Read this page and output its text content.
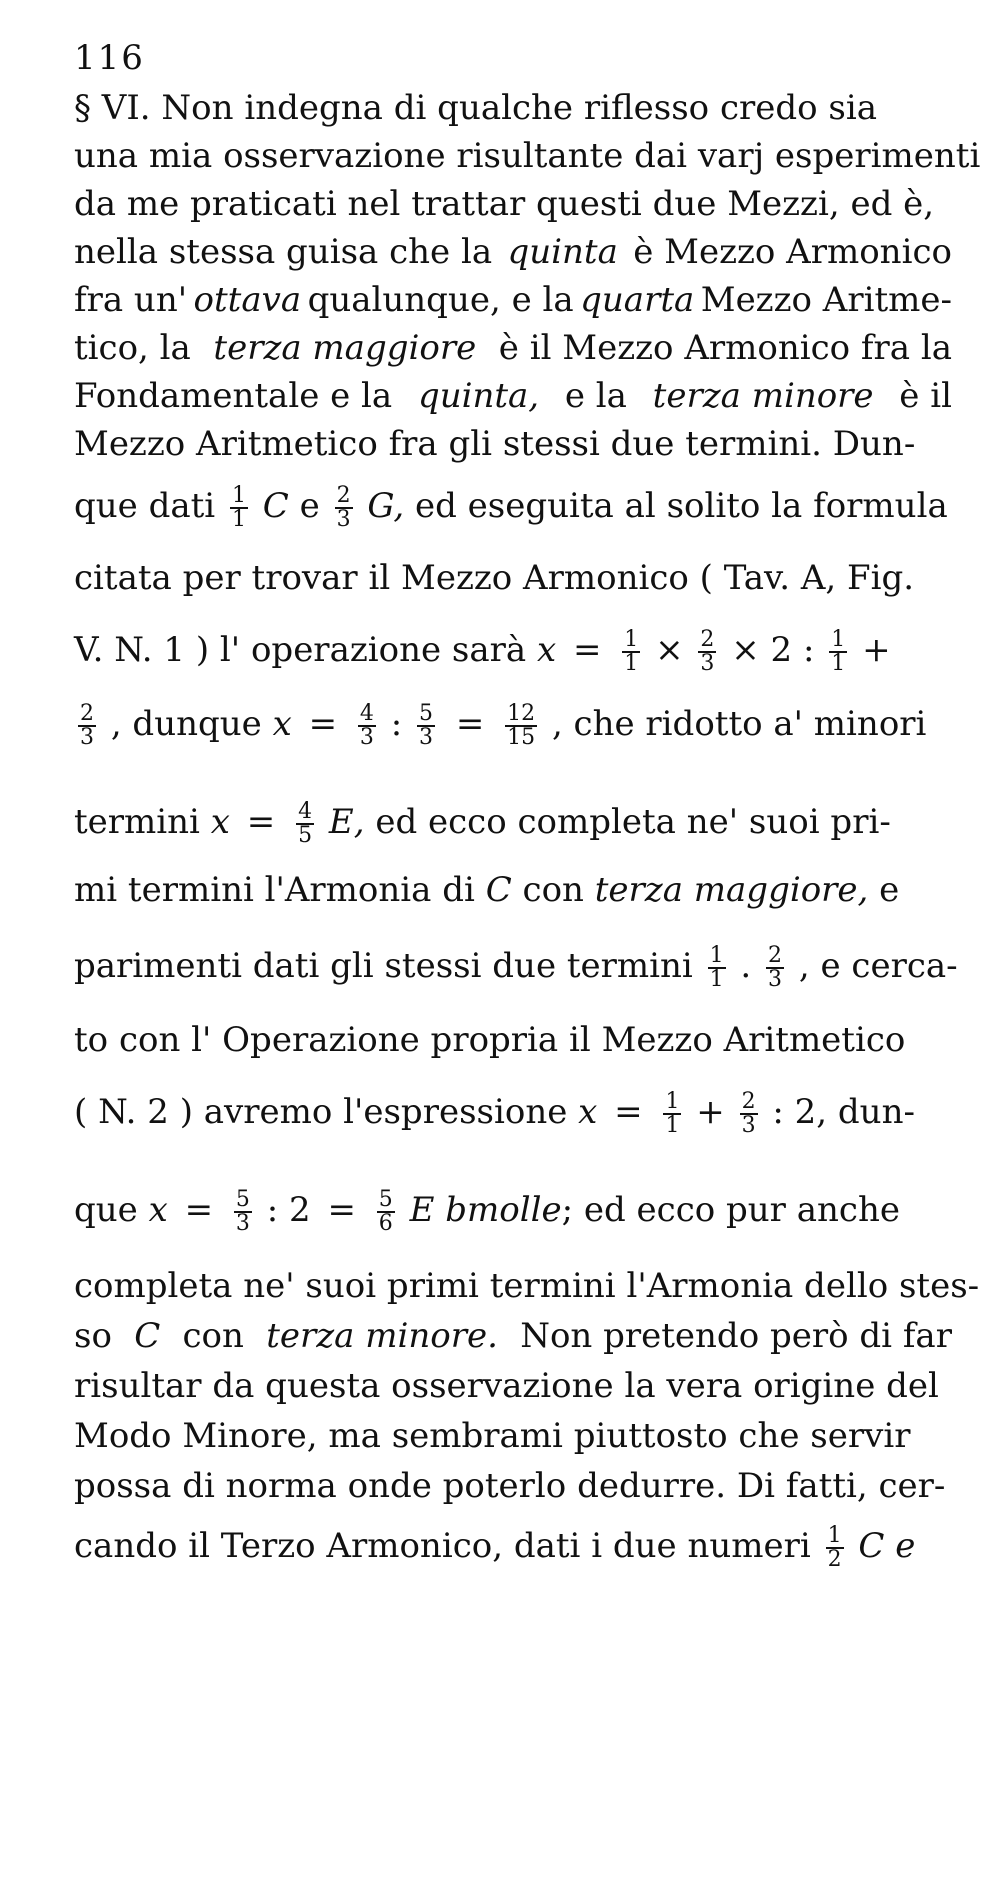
116
§ VI. Non indegna di qualche riflesso credo sia
una mia osservazione risultante dai varj esperimenti
da me praticati nel trattar questi due Mezzi, ed è,
nella stessa guisa che la quinta è Mezzo Armonico
fra un' ottava qualunque, e la quarta Mezzo Aritme-
tico, la terza maggiore è il Mezzo Armonico fra la
Fondamentale e la quinta, e la terza minore è il
Mezzo Aritmetico fra gli stessi due termini. Dun-
que dati $\frac{1}{1}$ C e $\frac{2}{3} G$, ed eseguita al solito la formula
citata per trovar il Mezzo Armonico ( Tav. A, Fig.
V. N. 1 ) l' operazione sarà $x = \frac{1}{1} \times \frac{2}{3} \times 2$ : $\frac{1}{1}$ +
$\frac{2}{3}$ , dunque $x = \frac{4}{3}$ : $\frac{5}{3} = \frac{12}{15}$ , che ridotto a' minori
termini $x = \frac{4}{5} E$, ed ecco completa ne' suoi pri-
mi termini l'Armonia di C con terza maggiore, e
parimenti dati gli stessi due termini $\frac{1}{1}$ . $\frac{2}{3}$ , e cerca-
to con l' Operazione propria il Mezzo Aritmetico
( N. 2 ) avremo l'espressione $x = \frac{1}{1} + \frac{2}{3}$ : 2, dun-
que $x = \frac{5}{3}$ : $2 = \frac{5}{6}$ E bmolle; ed ecco pur anche
completa ne' suoi primi termini l'Armonia dello stes-
so C con terza minore. Non pretendo però di far
risultar da questa osservazione la vera origine del
Modo Minore, ma sembrami piuttosto che servir
possa di norma onde poterlo dedurre. Di fatti, cer-
cando il Terzo Armonico, dati i due numeri $\frac{1}{2}$ C e
